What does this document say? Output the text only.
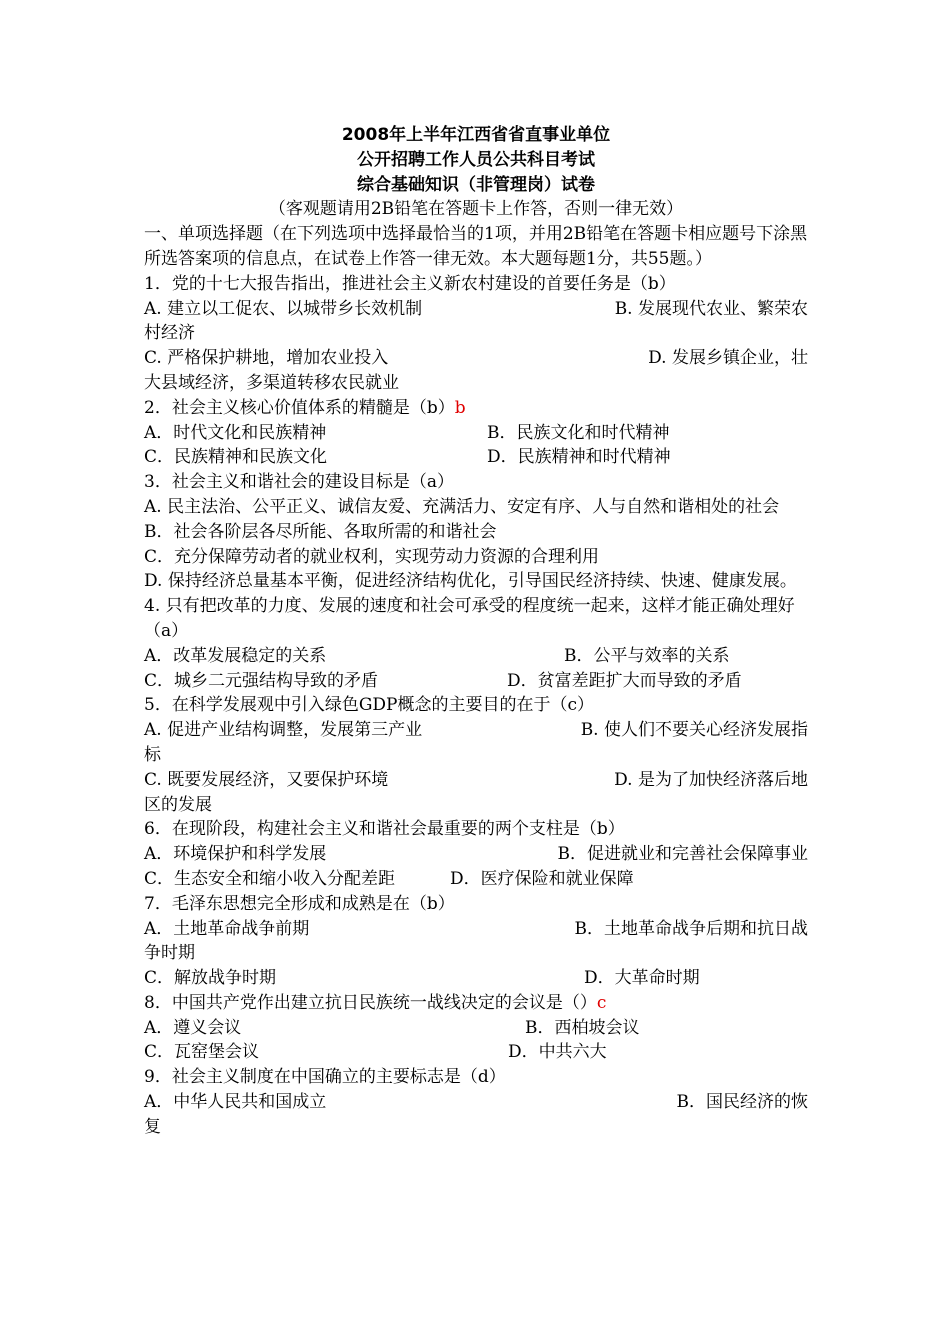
2008年上半年江西省省直事业单位
公开招聘工作人员公共科目考试
综合基础知识（非管理岗）试卷
（客观题请用2B铅笔在答题卡上作答，否则一律无效）
一、单项选择题（在下列选项中选择最恰当的1项，并用2B铅笔在答题卡相应题号下涂黑所选答案项的信息点，在试卷上作答一律无效。本大题每题1分，共55题。）
1．党的十七大报告指出，推进社会主义新农村建设的首要任务是（b）
A. 建立以工促农、以城带乡长效机制	B. 发展现代农业、繁荣农
村经济
C. 严格保护耕地，增加农业投入	D. 发展乡镇企业，壮
大县域经济，多渠道转移农民就业
2．社会主义核心价值体系的精髓是（b）b
A．时代文化和民族精神	B．民族文化和时代精神
C．民族精神和民族文化	D．民族精神和时代精神
3．社会主义和谐社会的建设目标是（a）
A. 民主法治、公平正义、诚信友爱、充满活力、安定有序、人与自然和谐相处的社会
B．社会各阶层各尽所能、各取所需的和谐社会
C．充分保障劳动者的就业权利，实现劳动力资源的合理利用
D. 保持经济总量基本平衡，促进经济结构优化，引导国民经济持续、快速、健康发展。
4. 只有把改革的力度、发展的速度和社会可承受的程度统一起来，这样才能正确处理好（a）
A．改革发展稳定的关系	B．公平与效率的关系
C．城乡二元强结构导致的矛盾	D．贫富差距扩大而导致的矛盾
5．在科学发展观中引入绿色GDP概念的主要目的在于（c）
A. 促进产业结构调整，发展第三产业	B. 使人们不要关心经济发展指
标
C. 既要发展经济，又要保护环境	D. 是为了加快经济落后地
区的发展
6．在现阶段，构建社会主义和谐社会最重要的两个支柱是（b）
A．环境保护和科学发展	B．促进就业和完善社会保障事业
C．生态安全和缩小收入分配差距	D．医疗保险和就业保障
7．毛泽东思想完全形成和成熟是在（b）
A．土地革命战争前期	B．土地革命战争后期和抗日战
争时期
C．解放战争时期	D．大革命时期
8．中国共产党作出建立抗日民族统一战线决定的会议是（）c
A．遵义会议	B．西柏坡会议
C．瓦窑堡会议	D．中共六大
9．社会主义制度在中国确立的主要标志是（d）
A．中华人民共和国成立	B．国民经济的恢
复
